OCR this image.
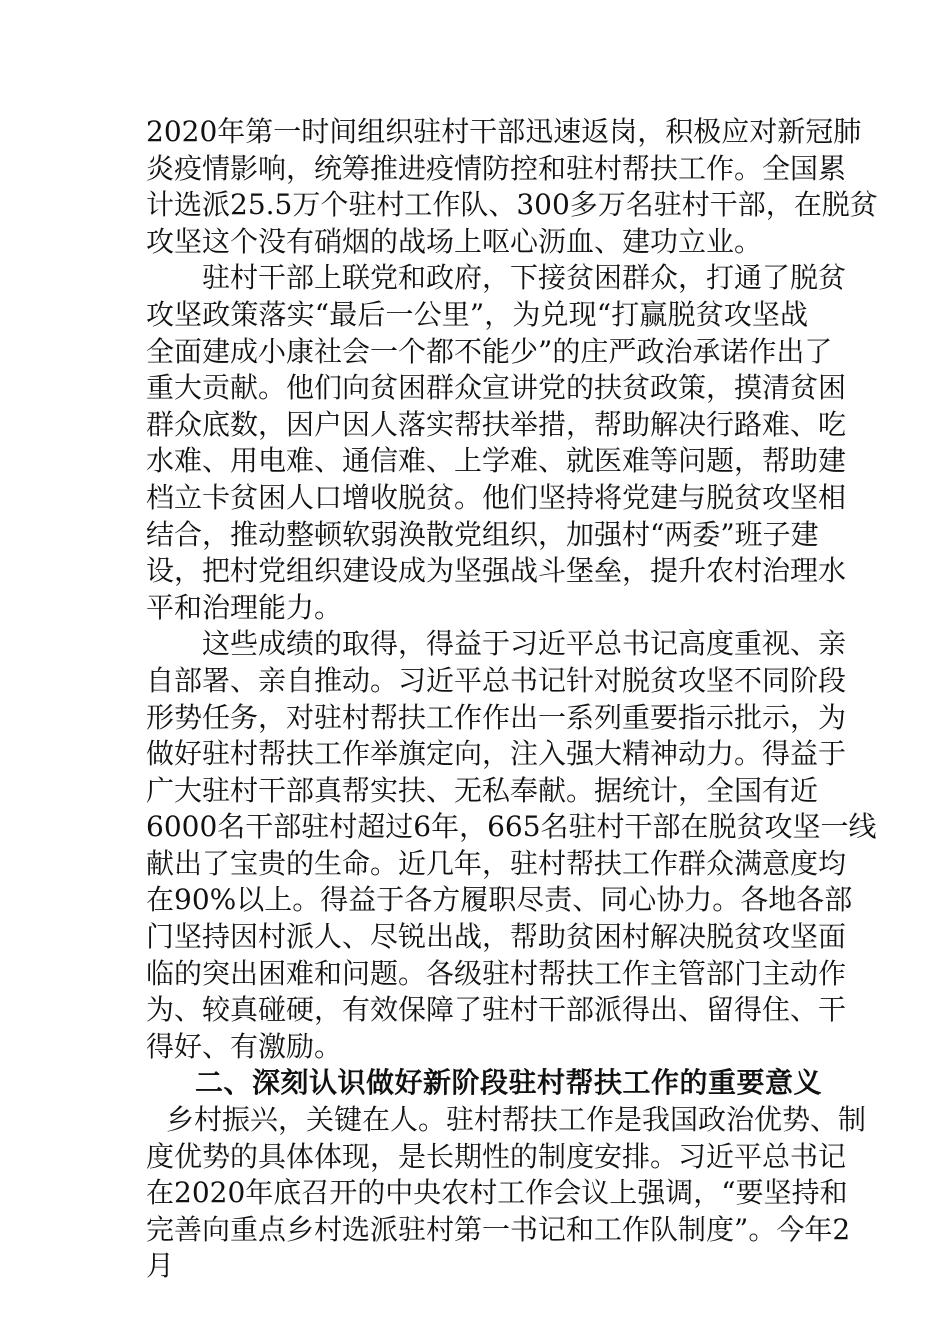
2020年第一时间组织驻村干部迅速返岗，积极应对新冠肺
炎疫情影响，统筹推进疫情防控和驻村帮扶工作。全国累
计选派25.5万个驻村工作队、300多万名驻村干部，在脱贫
攻坚这个没有硝烟的战场上呕心沥血、建功立业。
驻村干部上联党和政府，下接贫困群众，打通了脱贫
攻坚政策落实“最后一公里”，为兑现“打赢脱贫攻坚战
全面建成小康社会一个都不能少”的庄严政治承诺作出了
重大贡献。他们向贫困群众宣讲党的扶贫政策，摸清贫困
群众底数，因户因人落实帮扶举措，帮助解决行路难、吃
水难、用电难、通信难、上学难、就医难等问题，帮助建
档立卡贫困人口增收脱贫。他们坚持将党建与脱贫攻坚相
结合，推动整顿软弱涣散党组织，加强村“两委”班子建
设，把村党组织建设成为坚强战斗堡垒，提升农村治理水
平和治理能力。
这些成绩的取得，得益于习近平总书记高度重视、亲
自部署、亲自推动。习近平总书记针对脱贫攻坚不同阶段
形势任务，对驻村帮扶工作作出一系列重要指示批示，为
做好驻村帮扶工作举旗定向，注入强大精神动力。得益于
广大驻村干部真帮实扶、无私奉献。据统计，全国有近
6000名干部驻村超过6年，665名驻村干部在脱贫攻坚一线
献出了宝贵的生命。近几年，驻村帮扶工作群众满意度均
在90%以上。得益于各方履职尽责、同心协力。各地各部
门坚持因村派人、尽锐出战，帮助贫困村解决脱贫攻坚面
临的突出困难和问题。各级驻村帮扶工作主管部门主动作
为、较真碰硬，有效保障了驻村干部派得出、留得住、干
得好、有激励。
二、深刻认识做好新阶段驻村帮扶工作的重要意义
乡村振兴，关键在人。驻村帮扶工作是我国政治优势、制
度优势的具体体现，是长期性的制度安排。习近平总书记
在2020年底召开的中央农村工作会议上强调，“要坚持和
完善向重点乡村选派驻村第一书记和工作队制度”。今年2
月
